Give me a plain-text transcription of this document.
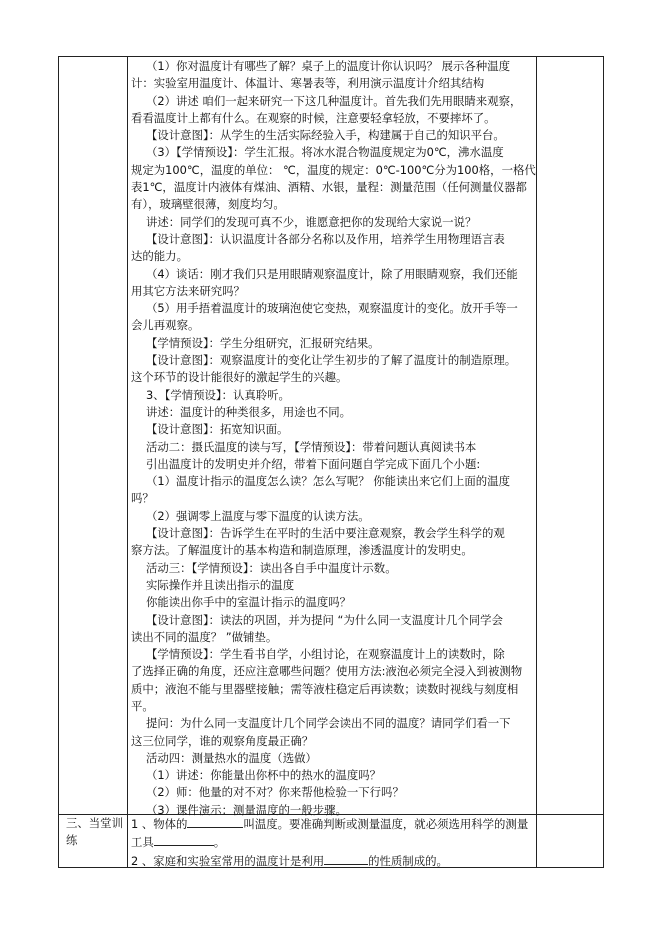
（1）你对温度计有哪些了解？桌子上的温度计你认识吗？ 展示各种温度

计：实验室用温度计、体温计、寒暑表等，利用演示温度计介绍其结构

（2）讲述 咱们一起来研究一下这几种温度计。首先我们先用眼睛来观察，

看看温度计上都有什么。在观察的时候，注意要轻拿轻放，不要摔坏了。

【设计意图】：从学生的生活实际经验入手，构建属于自己的知识平台。

（3）【学情预设】：学生汇报。将冰水混合物温度规定为0℃，沸水温度

规定为100℃，温度的单位： ℃，温度的规定：0℃-100℃分为100格，一格代

表1℃，温度计内液体有煤油、酒精、水银，量程：测量范围（任何测量仪器都

有），玻璃壁很薄，刻度均匀。

讲述：同学们的发现可真不少，谁愿意把你的发现给大家说一说？

【设计意图】：认识温度计各部分名称以及作用，培养学生用物理语言表

达的能力。

（4）谈话：刚才我们只是用眼睛观察温度计，除了用眼睛观察，我们还能

用其它方法来研究吗？

（5）用手捂着温度计的玻璃泡使它变热，观察温度计的变化。放开手等一

会儿再观察。

【学情预设】：学生分组研究，汇报研究结果。

【设计意图】：观察温度计的变化让学生初步的了解了温度计的制造原理。

这个环节的设计能很好的激起学生的兴趣。

3、【学情预设】：认真聆听。

讲述：温度计的种类很多，用途也不同。

【设计意图】：拓宽知识面。

活动二：摄氏温度的读与写，【学情预设】：带着问题认真阅读书本

引出温度计的发明史并介绍，带着下面问题自学完成下面几个小题:

（1）温度计指示的温度怎么读？怎么写呢？ 你能读出来它们上面的温度

吗？

（2）强调零上温度与零下温度的认读方法。

【设计意图】：告诉学生在平时的生活中要注意观察，教会学生科学的观

察方法。了解温度计的基本构造和制造原理，渗透温度计的发明史。

活动三：【学情预设】：读出各自手中温度计示数。

实际操作并且读出指示的温度

你能读出你手中的室温计指示的温度吗？

【设计意图】：读法的巩固，并为提问 “为什么同一支温度计几个同学会

读出不同的温度？ ”做铺垫。

【学情预设】：学生看书自学，小组讨论，在观察温度计上的读数时，除

了选择正确的角度，还应注意哪些问题？使用方法:液泡必须完全浸入到被测物

质中；液泡不能与里器壁接触；需等液柱稳定后再读数；读数时视线与刻度相

平。

提问：为什么同一支温度计几个同学会读出不同的温度？请同学们看一下

这三位同学，谁的观察角度最正确？

活动四：测量热水的温度（选做）

（1）讲述：你能量出你杯中的热水的温度吗？

（2）师：他量的对不对？你来帮他检验一下行吗？

（3）课件演示：测量温度的一般步骤。

三、当堂训练

1 、物体的	叫温度。要准确判断或测量温度，就必须选用科学的测量

工具	。

2 、家庭和实验室常用的温度计是利用	的性质制成的。
